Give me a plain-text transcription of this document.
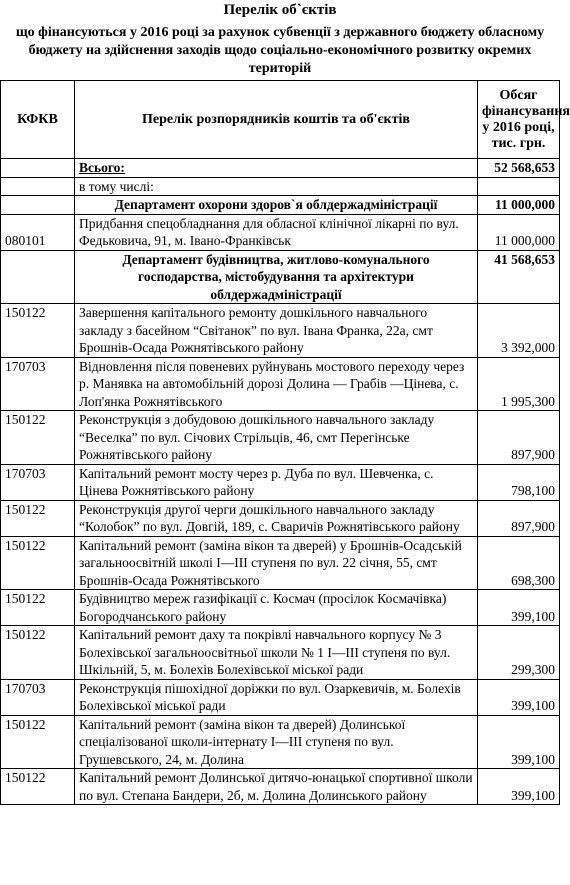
Перелік об`єктів
що фінансуються у 2016 році за рахунок субвенції з державного бюджету обласному бюджету на здійснення заходів щодо соціально-економічного розвитку окремих територій
КФКВ	Перелік розпорядників коштів та об'єктів	Обсяг фінансування у 2016 році, тис. грн.
	Всього:	52 568,653
	в тому числі:	
	Департамент охорони здоров`я облдержадміністрації	11 000,000
080101	Придбання спецобладнання для обласної клінічної лікарні по вул. Федьковича, 91, м. Івано-Франківськ	11 000,000
	Департамент будівництва, житлово-комунального господарства, містобудування та архітектури облдержадміністрації	41 568,653
150122	Завершення капітального ремонту дошкільного навчального закладу з басейном “Світанок” по вул. Івана Франка, 22а, смт Брошнів-Осада Рожнятівського району	3 392,000
170703	Відновлення після повеневих руйнувань мостового переходу через р. Манявка на автомобільній дорозі Долина — Грабів —Цінева, с. Лоп'янка Рожнятівського	1 995,300
150122	Реконструкція з добудовою дошкільного навчального закладу “Веселка” по вул. Січових Стрільців, 46, смт Перегінське Рожнятівського району	897,900
170703	Капітальний ремонт мосту через р. Дуба по вул. Шевченка, с. Цінева Рожнятівського району	798,100
150122	Реконструкція другої черги дошкільного навчального закладу “Колобок” по вул. Довгій, 189, с. Сваричів Рожнятівського району	897,900
150122	Капітальний ремонт (заміна вікон та дверей) у Брошнів-Осадській загальноосвітній школі I—III ступеня по вул. 22 січня, 55, смт Брошнів-Осада Рожнятівського	698,300
150122	Будівництво мереж газифікації с. Космач (просілок Космачівка) Богородчанського району	399,100
150122	Капітальний ремонт даху та покрівлі навчального корпусу № 3 Болехівської загальноосвітньої школи № 1 I—III ступеня по вул. Шкільній, 5, м. Болехів Болехівської міської ради	299,300
170703	Реконструкція пішохідної доріжки по вул. Озаркевичів, м. Болехів Болехівської міської ради	399,100
150122	Капітальний ремонт (заміна вікон та дверей) Долинської спеціалізованої школи-інтернату I—III ступеня по вул. Грушевського, 24, м. Долина	399,100
150122	Капітальний ремонт Долинської дитячо-юнацької спортивної школи по вул. Степана Бандери, 2б, м. Долина Долинського району	399,100
